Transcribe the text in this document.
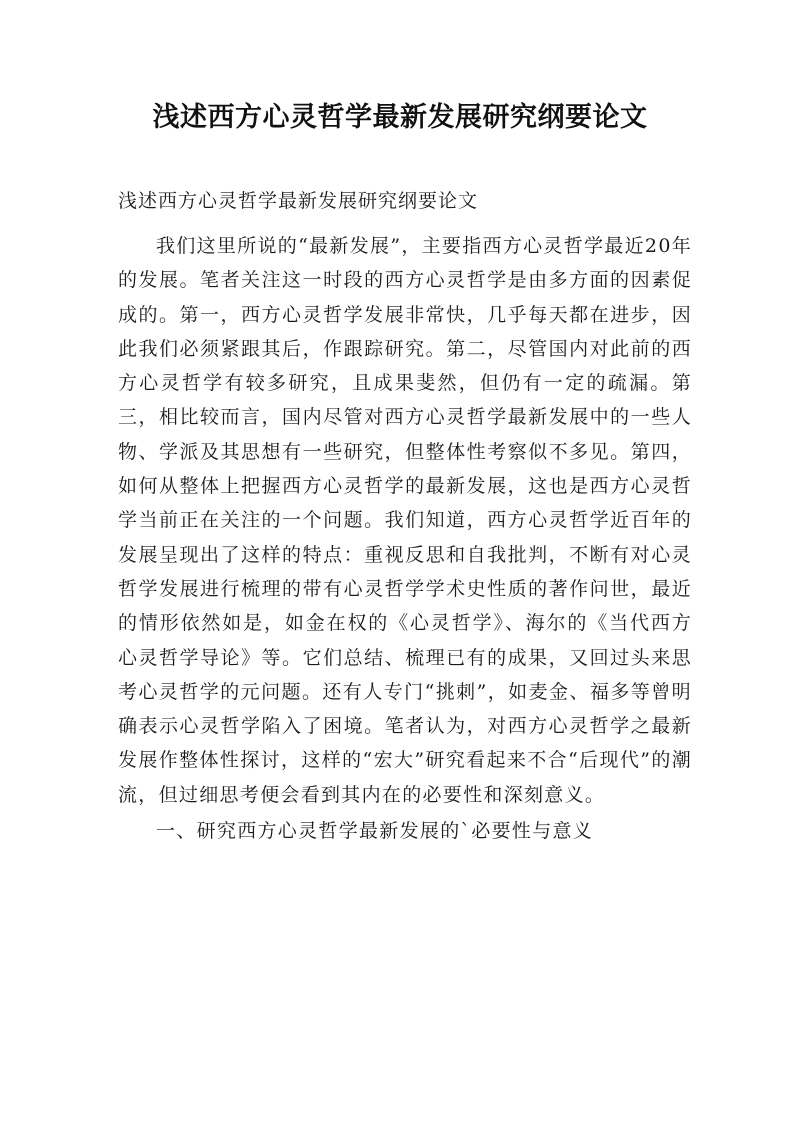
浅述西方心灵哲学最新发展研究纲要论文
浅述西方心灵哲学最新发展研究纲要论文

我们这里所说的“最新发展”，主要指西方心灵哲学最近20年的发展。笔者关注这一时段的西方心灵哲学是由多方面的因素促成的。第一，西方心灵哲学发展非常快，几乎每天都在进步，因此我们必须紧跟其后，作跟踪研究。第二，尽管国内对此前的西方心灵哲学有较多研究，且成果斐然，但仍有一定的疏漏。第三，相比较而言，国内尽管对西方心灵哲学最新发展中的一些人物、学派及其思想有一些研究，但整体性考察似不多见。第四，如何从整体上把握西方心灵哲学的最新发展，这也是西方心灵哲学当前正在关注的一个问题。我们知道，西方心灵哲学近百年的发展呈现出了这样的特点：重视反思和自我批判，不断有对心灵哲学发展进行梳理的带有心灵哲学学术史性质的著作问世，最近的情形依然如是，如金在权的《心灵哲学》、海尔的《当代西方心灵哲学导论》等。它们总结、梳理已有的成果，又回过头来思考心灵哲学的元问题。还有人专门“挑刺”，如麦金、福多等曾明确表示心灵哲学陷入了困境。笔者认为，对西方心灵哲学之最新发展作整体性探讨，这样的“宏大”研究看起来不合“后现代”的潮流，但过细思考便会看到其内在的必要性和深刻意义。

一、研究西方心灵哲学最新发展的`必要性与意义
